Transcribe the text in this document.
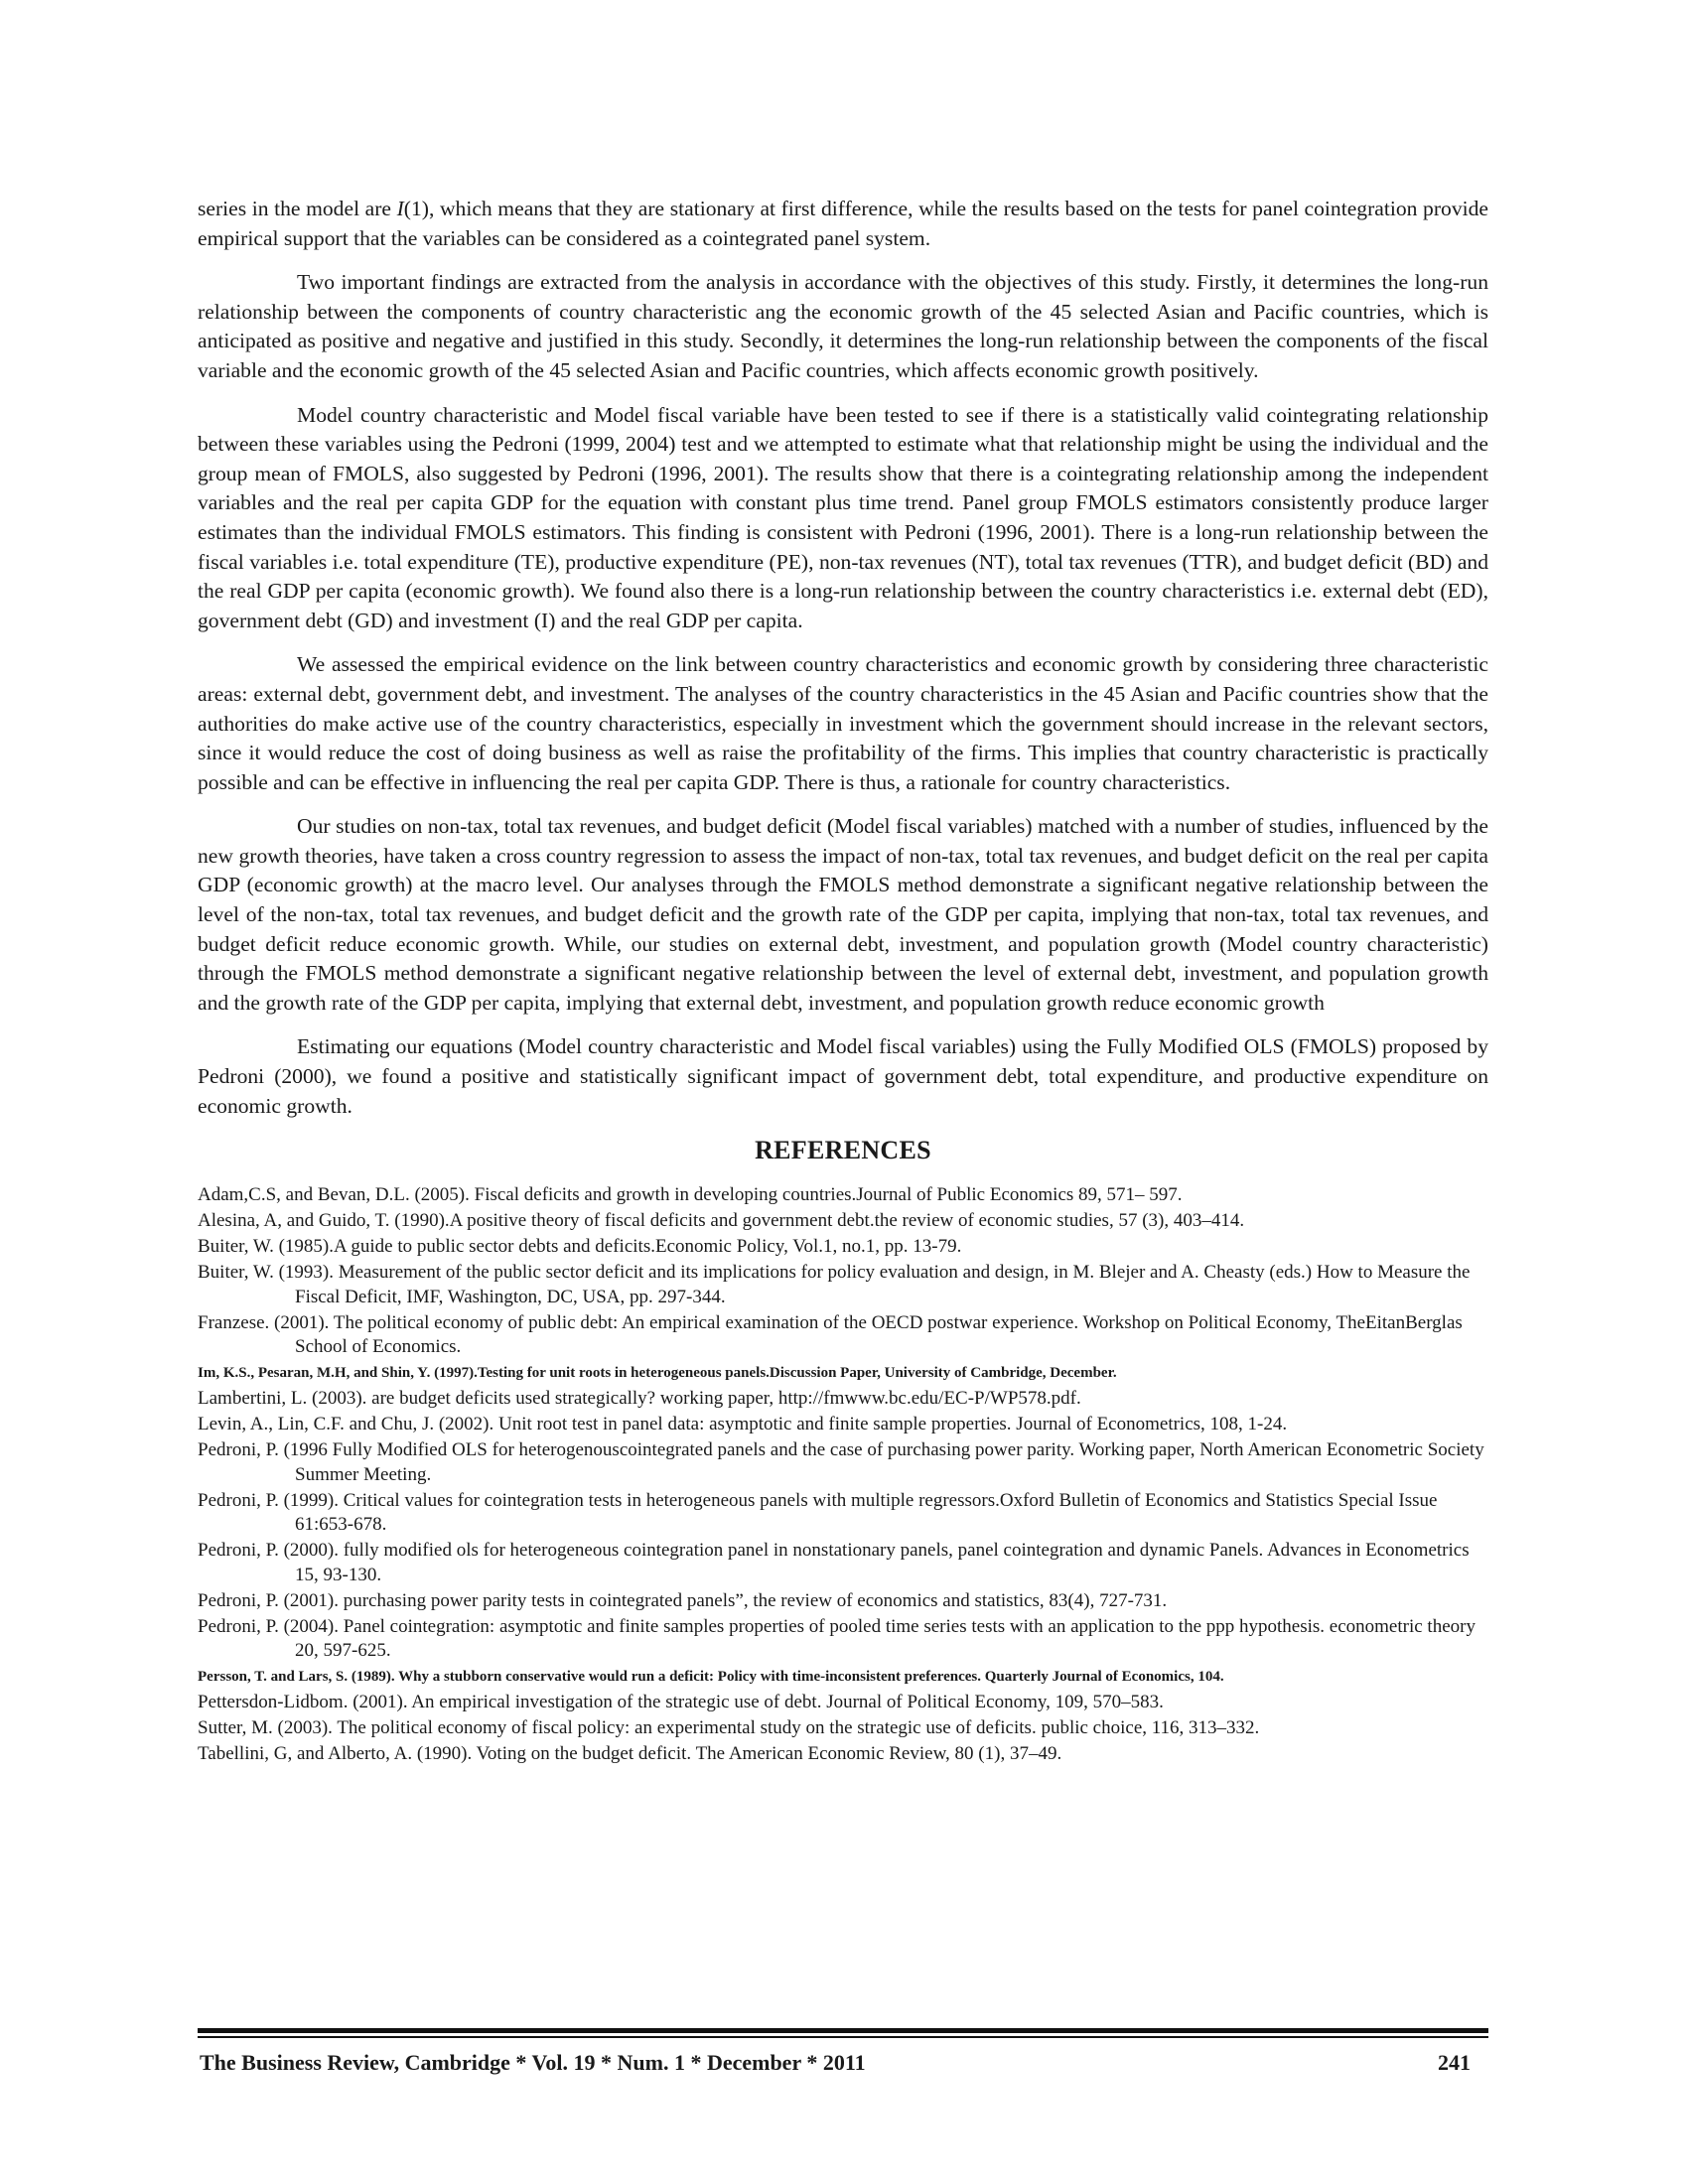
series in the model are I(1), which means that they are stationary at first difference, while the results based on the tests for panel cointegration provide empirical support that the variables can be considered as a cointegrated panel system.

Two important findings are extracted from the analysis in accordance with the objectives of this study. Firstly, it determines the long-run relationship between the components of country characteristic ang the economic growth of the 45 selected Asian and Pacific countries, which is anticipated as positive and negative and justified in this study. Secondly, it determines the long-run relationship between the components of the fiscal variable and the economic growth of the 45 selected Asian and Pacific countries, which affects economic growth positively.

Model country characteristic and Model fiscal variable have been tested to see if there is a statistically valid cointegrating relationship between these variables using the Pedroni (1999, 2004) test and we attempted to estimate what that relationship might be using the individual and the group mean of FMOLS, also suggested by Pedroni (1996, 2001). The results show that there is a cointegrating relationship among the independent variables and the real per capita GDP for the equation with constant plus time trend. Panel group FMOLS estimators consistently produce larger estimates than the individual FMOLS estimators. This finding is consistent with Pedroni (1996, 2001). There is a long-run relationship between the fiscal variables i.e. total expenditure (TE), productive expenditure (PE), non-tax revenues (NT), total tax revenues (TTR), and budget deficit (BD) and the real GDP per capita (economic growth). We found also there is a long-run relationship between the country characteristics i.e. external debt (ED), government debt (GD) and investment (I) and the real GDP per capita.

We assessed the empirical evidence on the link between country characteristics and economic growth by considering three characteristic areas: external debt, government debt, and investment. The analyses of the country characteristics in the 45 Asian and Pacific countries show that the authorities do make active use of the country characteristics, especially in investment which the government should increase in the relevant sectors, since it would reduce the cost of doing business as well as raise the profitability of the firms. This implies that country characteristic is practically possible and can be effective in influencing the real per capita GDP. There is thus, a rationale for country characteristics.

Our studies on non-tax, total tax revenues, and budget deficit (Model fiscal variables) matched with a number of studies, influenced by the new growth theories, have taken a cross country regression to assess the impact of non-tax, total tax revenues, and budget deficit on the real per capita GDP (economic growth) at the macro level. Our analyses through the FMOLS method demonstrate a significant negative relationship between the level of the non-tax, total tax revenues, and budget deficit and the growth rate of the GDP per capita, implying that non-tax, total tax revenues, and budget deficit reduce economic growth. While, our studies on external debt, investment, and population growth (Model country characteristic) through the FMOLS method demonstrate a significant negative relationship between the level of external debt, investment, and population growth and the growth rate of the GDP per capita, implying that external debt, investment, and population growth reduce economic growth

Estimating our equations (Model country characteristic and Model fiscal variables) using the Fully Modified OLS (FMOLS) proposed by Pedroni (2000), we found a positive and statistically significant impact of government debt, total expenditure, and productive expenditure on economic growth.

REFERENCES
Adam,C.S, and Bevan, D.L. (2005). Fiscal deficits and growth in developing countries.Journal of Public Economics 89, 571– 597.
Alesina, A, and Guido, T. (1990).A positive theory of fiscal deficits and government debt.the review of economic studies, 57 (3), 403–414.
Buiter, W. (1985).A guide to public sector debts and deficits.Economic Policy, Vol.1, no.1, pp. 13-79.
Buiter, W. (1993). Measurement of the public sector deficit and its implications for policy evaluation and design, in M. Blejer and A. Cheasty (eds.) How to Measure the Fiscal Deficit, IMF, Washington, DC, USA, pp. 297-344.
Franzese. (2001). The political economy of public debt: An empirical examination of the OECD postwar experience. Workshop on Political Economy, TheEitanBerglas School of Economics.
Im, K.S., Pesaran, M.H, and Shin, Y. (1997).Testing for unit roots in heterogeneous panels.Discussion Paper, University of Cambridge, December.
Lambertini, L. (2003). are budget deficits used strategically? working paper, http://fmwww.bc.edu/EC-P/WP578.pdf.
Levin, A., Lin, C.F. and Chu, J. (2002). Unit root test in panel data: asymptotic and finite sample properties. Journal of Econometrics, 108, 1-24.
Pedroni, P. (1996 Fully Modified OLS for heterogenouscointegrated panels and the case of purchasing power parity. Working paper, North American Econometric Society Summer Meeting.
Pedroni, P. (1999). Critical values for cointegration tests in heterogeneous panels with multiple regressors.Oxford Bulletin of Economics and Statistics Special Issue 61:653-678.
Pedroni, P. (2000). fully modified ols for heterogeneous cointegration panel in nonstationary panels, panel cointegration and dynamic Panels. Advances in Econometrics 15, 93-130.
Pedroni, P. (2001). purchasing power parity tests in cointegrated panels”, the review of economics and statistics, 83(4), 727-731.
Pedroni, P. (2004). Panel cointegration: asymptotic and finite samples properties of pooled time series tests with an application to the ppp hypothesis. econometric theory 20, 597-625.
Persson, T. and Lars, S. (1989). Why a stubborn conservative would run a deficit: Policy with time-inconsistent preferences. Quarterly Journal of Economics, 104.
Pettersdon-Lidbom. (2001). An empirical investigation of the strategic use of debt. Journal of Political Economy, 109, 570–583.
Sutter, M. (2003). The political economy of fiscal policy: an experimental study on the strategic use of deficits. public choice, 116, 313–332.
Tabellini, G, and Alberto, A. (1990). Voting on the budget deficit. The American Economic Review, 80 (1), 37–49.
The Business Review, Cambridge * Vol. 19 * Num. 1 * December * 2011	241
